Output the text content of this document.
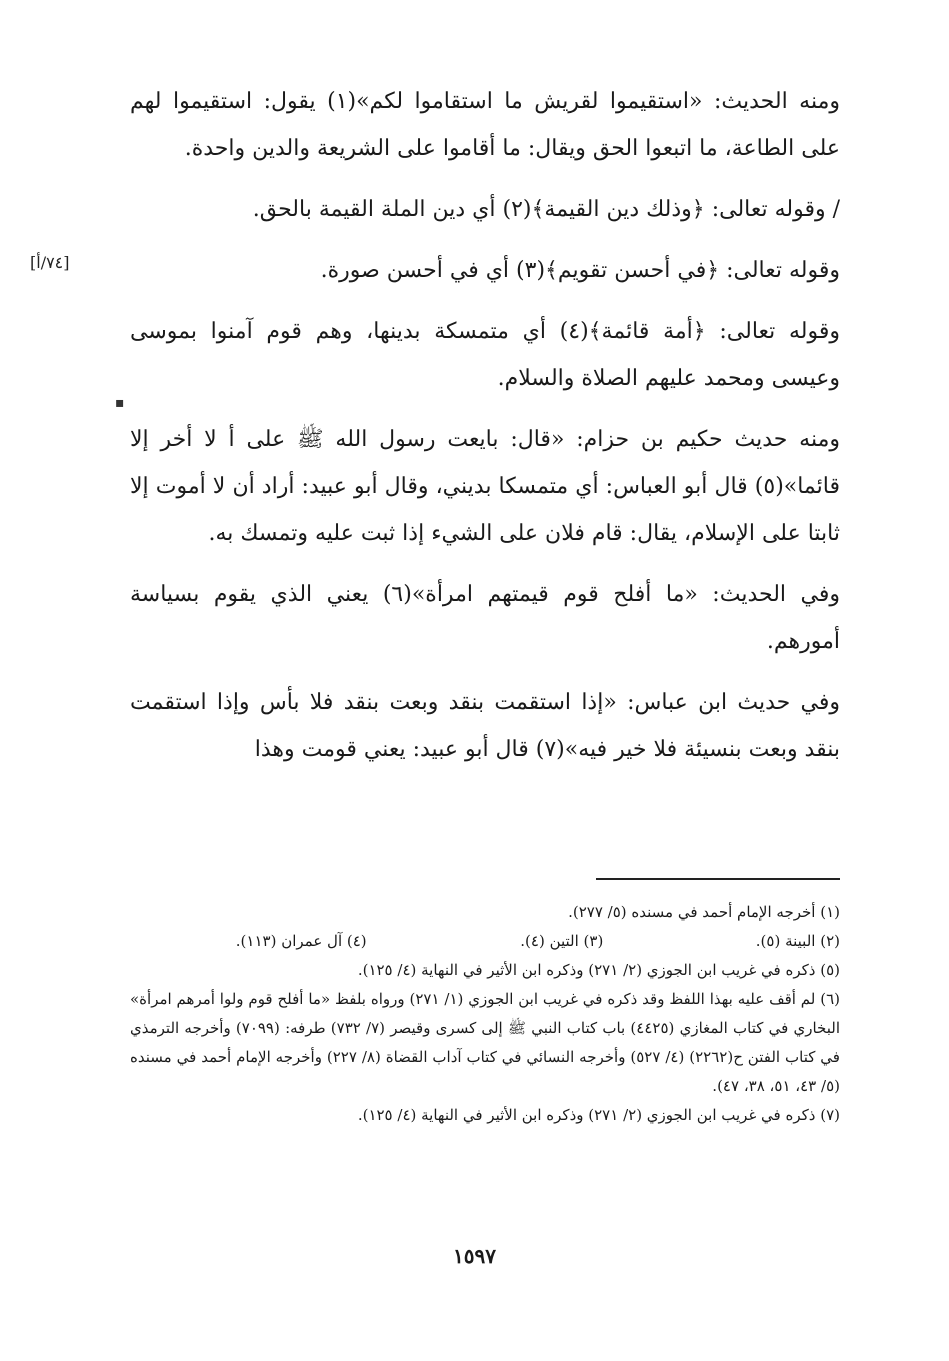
[٧٤/أ]

ومنه الحديث: «استقيموا لقريش ما استقاموا لكم»(١) يقول: استقيموا لهم على الطاعة، ما اتبعوا الحق ويقال: ما أقاموا على الشريعة والدين واحدة.

/ وقوله تعالى: ﴿وذلك دين القيمة﴾(٢) أي دين الملة القيمة بالحق.

وقوله تعالى: ﴿في أحسن تقويم﴾(٣) أي في أحسن صورة.

وقوله تعالى: ﴿أمة قائمة﴾(٤) أي متمسكة بدينها، وهم قوم آمنوا بموسى وعيسى ومحمد عليهم الصلاة والسلام.

ومنه حديث حكيم بن حزام: «قال: بايعت رسول الله ﷺ على أ لا أخر إلا قائما»(٥) قال أبو العباس: أي متمسكا بديني، وقال أبو عبيد: أراد أن لا أموت إلا ثابتا على الإسلام، يقال: قام فلان على الشيء إذا ثبت عليه وتمسك به.

وفي الحديث: «ما أفلح قوم قيمتهم امرأة»(٦) يعني الذي يقوم بسياسة أمورهم.

وفي حديث ابن عباس: «إذا استقمت بنقد وبعت بنقد فلا بأس وإذا استقمت بنقد وبعت بنسيئة فلا خير فيه»(٧) قال أبو عبيد: يعني قومت وهذا

(١) أخرجه الإمام أحمد في مسنده (٥/ ٢٧٧).

(٢) البينة (٥).
(٣) التين (٤).
(٤) آل عمران (١١٣).

(٥) ذكره في غريب ابن الجوزي (٢/ ٢٧١) وذكره ابن الأثير في النهاية (٤/ ١٢٥).

(٦) لم أقف عليه بهذا اللفظ وقد ذكره في غريب ابن الجوزي (١/ ٢٧١) ورواه بلفظ «ما أفلح قوم ولوا أمرهم امرأة» البخاري في كتاب المغازي (٤٤٢٥) باب كتاب النبي ﷺ إلى كسرى وقيصر (٧/ ٧٣٢) طرفه: (٧٠٩٩) وأخرجه الترمذي في كتاب الفتن ح(٢٢٦٢) (٤/ ٥٢٧) وأخرجه النسائي في كتاب آداب القضاة (٨/ ٢٢٧) وأخرجه الإمام أحمد في مسنده (٥/ ٤٣، ٥١، ٣٨، ٤٧).

(٧) ذكره في غريب ابن الجوزي (٢/ ٢٧١) وذكره ابن الأثير في النهاية (٤/ ١٢٥).

١٥٩٧
▪
